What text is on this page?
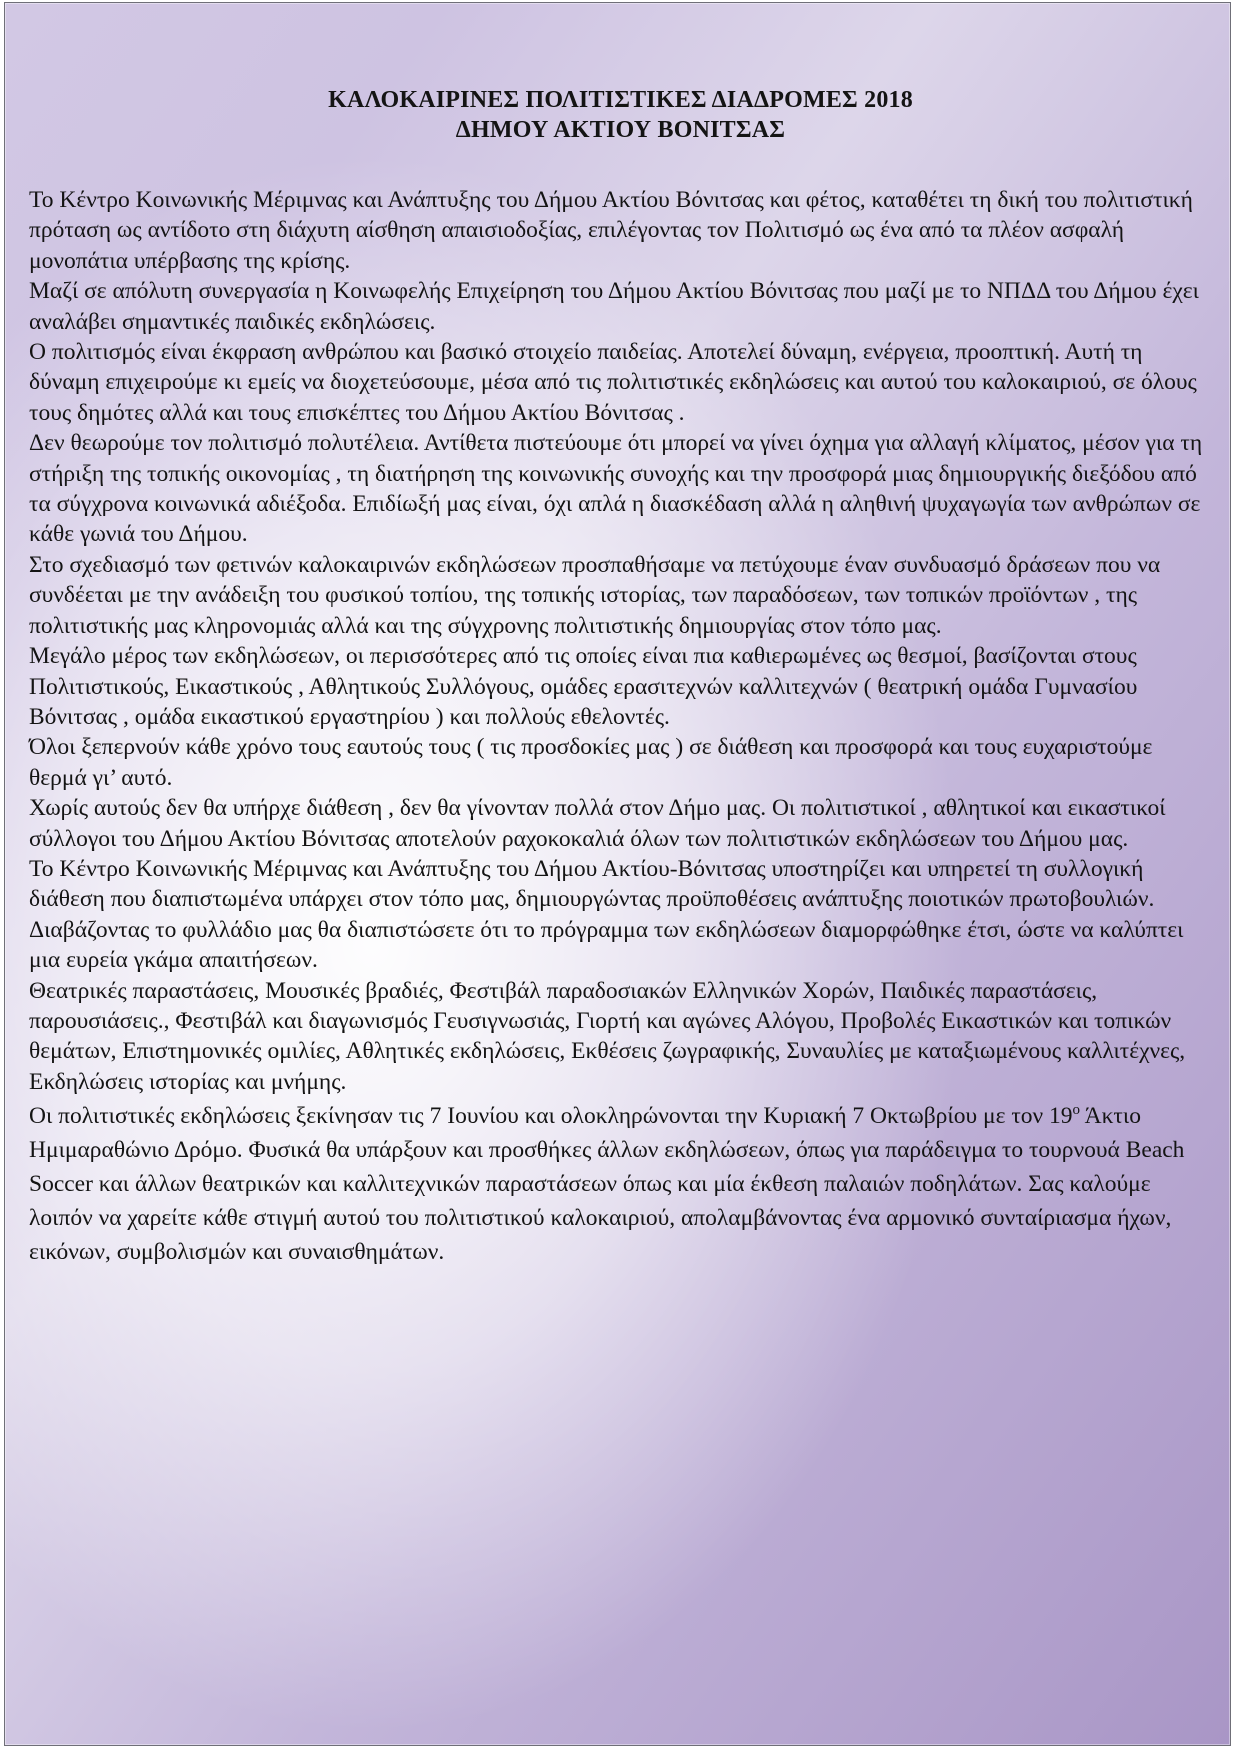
ΚΑΛΟΚΑΙΡΙΝΕΣ ΠΟΛΙΤΙΣΤΙΚΕΣ ΔΙΑΔΡΟΜΕΣ 2018
ΔΗΜΟΥ ΑΚΤΙΟΥ ΒΟΝΙΤΣΑΣ

Το Κέντρο Κοινωνικής Μέριμνας και Ανάπτυξης του Δήμου Ακτίου Βόνιτσας και φέτος, καταθέτει τη δική του πολιτιστική πρόταση ως αντίδοτο στη διάχυτη αίσθηση απαισιοδοξίας, επιλέγοντας τον Πολιτισμό ως ένα από τα πλέον ασφαλή μονοπάτια υπέρβασης της κρίσης.

Μαζί σε απόλυτη συνεργασία η Κοινωφελής Επιχείρηση του Δήμου Ακτίου Βόνιτσας που μαζί με το ΝΠΔΔ του Δήμου έχει αναλάβει σημαντικές παιδικές εκδηλώσεις.

Ο πολιτισμός είναι έκφραση ανθρώπου και βασικό στοιχείο παιδείας. Αποτελεί δύναμη, ενέργεια, προοπτική. Αυτή τη δύναμη επιχειρούμε κι εμείς να διοχετεύσουμε, μέσα από τις πολιτιστικές εκδηλώσεις και αυτού του καλοκαιριού, σε όλους τους δημότες αλλά και τους επισκέπτες του Δήμου Ακτίου Βόνιτσας .

Δεν θεωρούμε τον πολιτισμό πολυτέλεια. Αντίθετα πιστεύουμε ότι μπορεί να γίνει όχημα για αλλαγή κλίματος, μέσον για τη στήριξη της τοπικής οικονομίας , τη διατήρηση της κοινωνικής συνοχής και την προσφορά μιας δημιουργικής διεξόδου από τα σύγχρονα κοινωνικά αδιέξοδα. Επιδίωξή μας είναι, όχι απλά η διασκέδαση αλλά η αληθινή ψυχαγωγία των ανθρώπων σε κάθε γωνιά του Δήμου.

Στο σχεδιασμό των φετινών καλοκαιρινών εκδηλώσεων προσπαθήσαμε να πετύχουμε έναν συνδυασμό δράσεων που να συνδέεται με την ανάδειξη του φυσικού τοπίου, της τοπικής ιστορίας, των παραδόσεων, των τοπικών προϊόντων , της πολιτιστικής μας κληρονομιάς αλλά και της σύγχρονης πολιτιστικής δημιουργίας στον τόπο μας.

Μεγάλο μέρος των εκδηλώσεων, οι περισσότερες από τις οποίες είναι πια καθιερωμένες ως θεσμοί, βασίζονται στους Πολιτιστικούς, Εικαστικούς , Αθλητικούς Συλλόγους, ομάδες ερασιτεχνών καλλιτεχνών ( θεατρική ομάδα Γυμνασίου Βόνιτσας , ομάδα εικαστικού εργαστηρίου ) και πολλούς εθελοντές.

Όλοι ξεπερνούν κάθε χρόνο τους εαυτούς τους ( τις προσδοκίες μας ) σε διάθεση και προσφορά και τους ευχαριστούμε θερμά γι’ αυτό.

Χωρίς αυτούς δεν θα υπήρχε διάθεση , δεν θα γίνονταν πολλά στον Δήμο μας. Οι πολιτιστικοί , αθλητικοί και εικαστικοί σύλλογοι του Δήμου Ακτίου Βόνιτσας αποτελούν ραχοκοκαλιά όλων των πολιτιστικών εκδηλώσεων του Δήμου μας.

Το Κέντρο Κοινωνικής Μέριμνας και Ανάπτυξης του Δήμου Ακτίου-Βόνιτσας υποστηρίζει και υπηρετεί τη συλλογική διάθεση που διαπιστωμένα υπάρχει στον τόπο μας, δημιουργώντας προϋποθέσεις ανάπτυξης ποιοτικών πρωτοβουλιών.

Διαβάζοντας το φυλλάδιο μας θα διαπιστώσετε ότι το πρόγραμμα των εκδηλώσεων διαμορφώθηκε έτσι, ώστε να καλύπτει μια ευρεία γκάμα απαιτήσεων.

Θεατρικές παραστάσεις, Μουσικές βραδιές, Φεστιβάλ παραδοσιακών Ελληνικών Χορών, Παιδικές παραστάσεις, παρουσιάσεις., Φεστιβάλ και διαγωνισμός Γευσιγνωσιάς, Γιορτή και αγώνες Αλόγου, Προβολές Εικαστικών και τοπικών θεμάτων, Επιστημονικές ομιλίες, Αθλητικές εκδηλώσεις, Εκθέσεις ζωγραφικής, Συναυλίες με καταξιωμένους καλλιτέχνες, Εκδηλώσεις ιστορίας και μνήμης.

Οι πολιτιστικές εκδηλώσεις ξεκίνησαν τις 7 Ιουνίου και ολοκληρώνονται την Κυριακή 7 Οκτωβρίου με τον $19^o$ Άκτιο Ημιμαραθώνιο Δρόμο. Φυσικά θα υπάρξουν και προσθήκες άλλων εκδηλώσεων, όπως για παράδειγμα το τουρνουά Beach Soccer και άλλων θεατρικών και καλλιτεχνικών παραστάσεων όπως και μία έκθεση παλαιών ποδηλάτων. Σας καλούμε λοιπόν να χαρείτε κάθε στιγμή αυτού του πολιτιστικού καλοκαιριού, απολαμβάνοντας ένα αρμονικό συνταίριασμα ήχων, εικόνων, συμβολισμών και συναισθημάτων.
